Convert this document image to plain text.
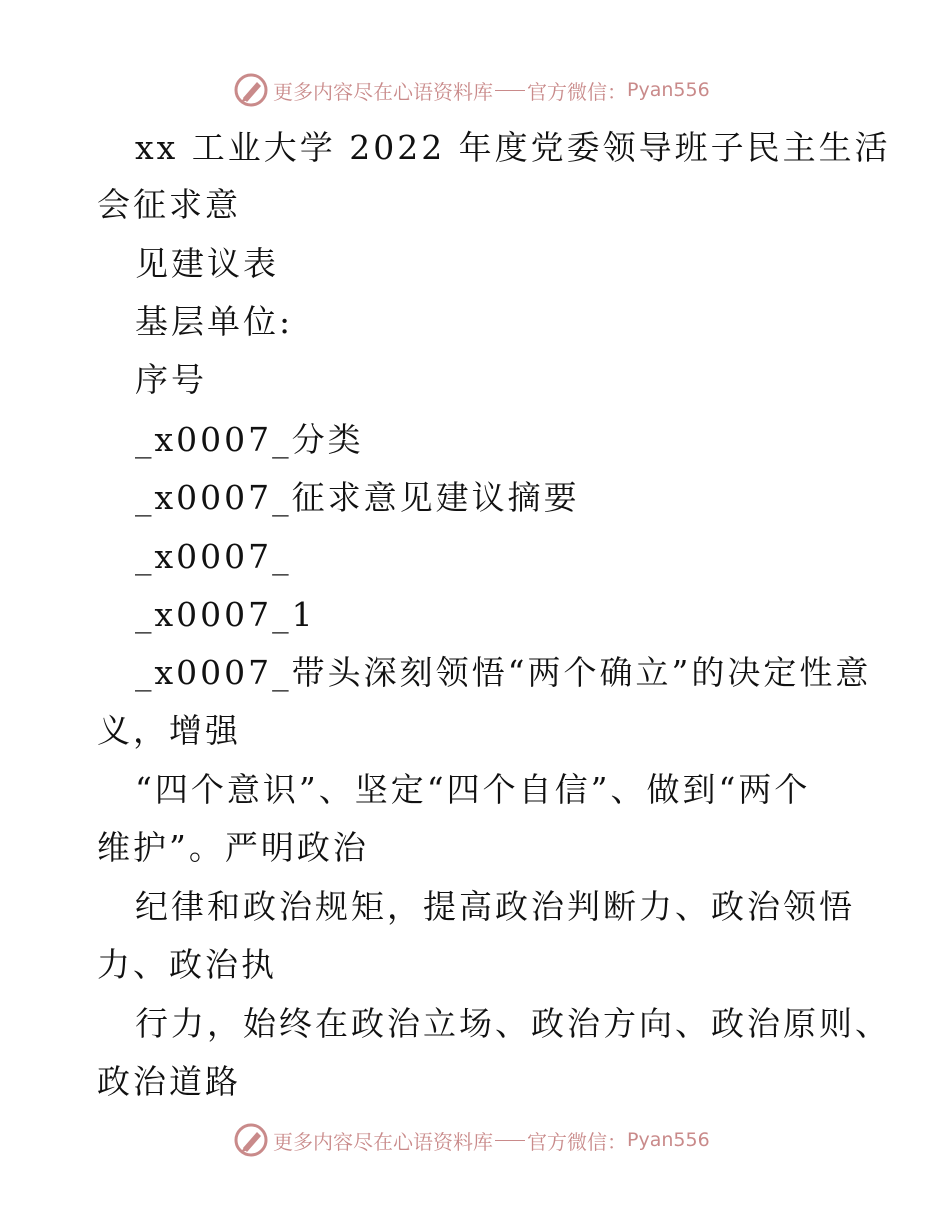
更多内容尽在心语资料库 官方微信： Pyan556
xx 工业大学 2022 年度党委领导班子民主生活
会征求意
见建议表
基层单位:
序号
_x0007_分类
_x0007_征求意见建议摘要
_x0007_
_x0007_1
_x0007_带头深刻领悟“两个确立”的决定性意
义，增强
“四个意识”、坚定“四个自信”、做到“两个
维护”。严明政治
纪律和政治规矩，提高政治判断力、政治领悟
力、政治执
行力，始终在政治立场、政治方向、政治原则、
政治道路
更多内容尽在心语资料库 官方微信： Pyan556
